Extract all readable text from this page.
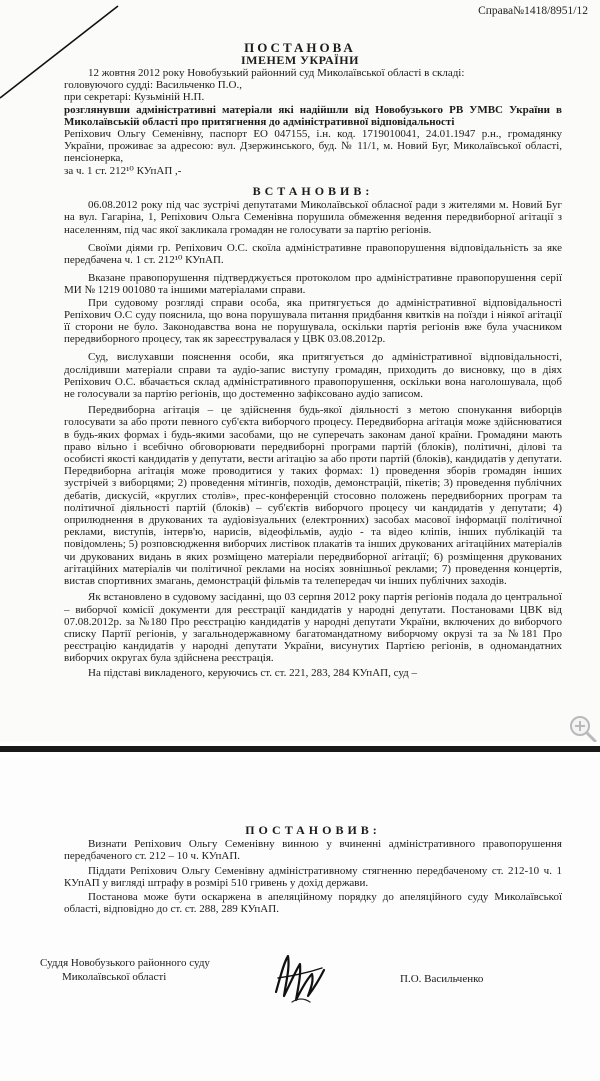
Справа№1418/8951/12
ПОСТАНОВА
ІМЕНЕМ УКРАЇНИ

12 жовтня 2012 року Новобузький районний суд Миколаївської області в складі:

головуючого судді: Васильченко П.О.,

при секретарі: Кузьміній Н.П.

розглянувши адміністративні матеріали які надійшли від Новобузького РВ УМВС України в Миколаївській області про притягнення до адміністративної відповідальності

Репіхович Ольгу Семенівну, паспорт ЕО 047155, і.н. код. 1719010041, 24.01.1947 р.н., громадянку України, проживає за адресою: вул. Дзержинського, буд. № 11/1, м. Новий Буг, Миколаївської області, пенсіонерка,

за ч. 1 ст. 212¹⁰ КУпАП ,-

ВСТАНОВИВ:

06.08.2012 року під час зустрічі депутатами Миколаївської обласної ради з жителями м. Новий Буг на вул. Гагаріна, 1, Репіхович Ольга Семенівна порушила обмеження ведення передвиборної агітації з населенням, під час якої закликала громадян не голосувати за партію регіонів.

Своїми діями гр. Репіхович О.С. скоїла адміністративне правопорушення відповідальність за яке передбачена ч. 1 ст. 212¹⁰ КУпАП.

Вказане правопорушення підтверджується протоколом про адміністративне правопорушення серії МИ № 1219 001080 та іншими матеріалами справи.

При судовому розгляді справи особа, яка притягується до адміністративної відповідальності Репіхович О.С суду пояснила, що вона порушувала питання придбання квитків на поїзди і ніякої агітації її сторони не було. Законодавства вона не порушувала, оскільки партія регіонів вже була учасником передвиборного процесу, так як зареєструвалася у ЦВК 03.08.2012р.

Суд, вислухавши пояснення особи, яка притягується до адміністративної відповідальності, дослідивши матеріали справи та аудіо-запис виступу громадян, приходить до висновку, що в діях Репіхович О.С. вбачається склад адміністративного правопорушення, оскільки вона наголошувала, щоб не голосували за партію регіонів, що достеменно зафіксовано аудіо записом.

Передвиборна агітація – це здійснення будь-якої діяльності з метою спонукання виборців голосувати за або проти певного суб'єкта виборчого процесу. Передвиборна агітація може здійснюватися в будь-яких формах і будь-якими засобами, що не суперечать законам даної країни. Громадяни мають право вільно і всебічно обговорювати передвиборні програми партій (блоків), політичні, ділові та особисті якості кандидатів у депутати, вести агітацію за або проти партій (блоків), кандидатів у депутати. Передвиборна агітація може проводитися у таких формах: 1) проведення зборів громадян інших зустрічей з виборцями; 2) проведення мітингів, походів, демонстрацій, пікетів; 3) проведення публічних дебатів, дискусій, «круглих столів», прес-конференцій стосовно положень передвиборних програм та політичної діяльності партій (блоків) – суб'єктів виборчого процесу чи кандидатів у депутати; 4) оприлюднення в друкованих та аудіовізуальних (електронних) засобах масової інформації політичної реклами, виступів, інтерв'ю, нарисів, відеофільмів, аудіо - та відео кліпів, інших публікацій та повідомлень; 5) розповсюдження виборчих листівок плакатів та інших друкованих агітаційних матеріалів чи друкованих видань в яких розміщено матеріали передвиборної агітації; 6) розміщення друкованих агітаційних матеріалів чи політичної реклами на носіях зовнішньої реклами; 7) проведення концертів, вистав спортивних змагань, демонстрацій фільмів та телепередач чи інших публічних заходів.

Як встановлено в судовому засіданні, що 03 серпня 2012 року партія регіонів подала до центральної – виборчої комісії документи для реєстрації кандидатів у народні депутати. Постановами ЦВК від 07.08.2012р. за №180 Про реєстрацію кандидатів у народні депутати України, включених до виборчого списку Партії регіонів, у загальнодержавному багатомандатному виборчому окрузі та за №181 Про реєстрацію кандидатів у народні депутати України, висунутих Партією регіонів, в одномандатних виборчих округах була здійснена реєстрація.

На підставі викладеного, керуючись ст. ст. 221, 283, 284 КУпАП, суд –

ПОСТАНОВИВ:

Визнати Репіхович Ольгу Семенівну винною у вчиненні адміністративного правопорушення передбаченого ст. 212 – 10 ч. КУпАП.

Піддати Репіхович Ольгу Семенівну адміністративному стягненню передбаченому ст. 212-10 ч. 1 КУпАП у вигляді штрафу в розмірі 510 гривень у дохід держави.

Постанова може бути оскаржена в апеляційному порядку до апеляційного суду Миколаївської області, відповідно до ст. ст. 288, 289 КУпАП.

Суддя Новобузького районного суду
Миколаївської області	П.О. Васильченко
